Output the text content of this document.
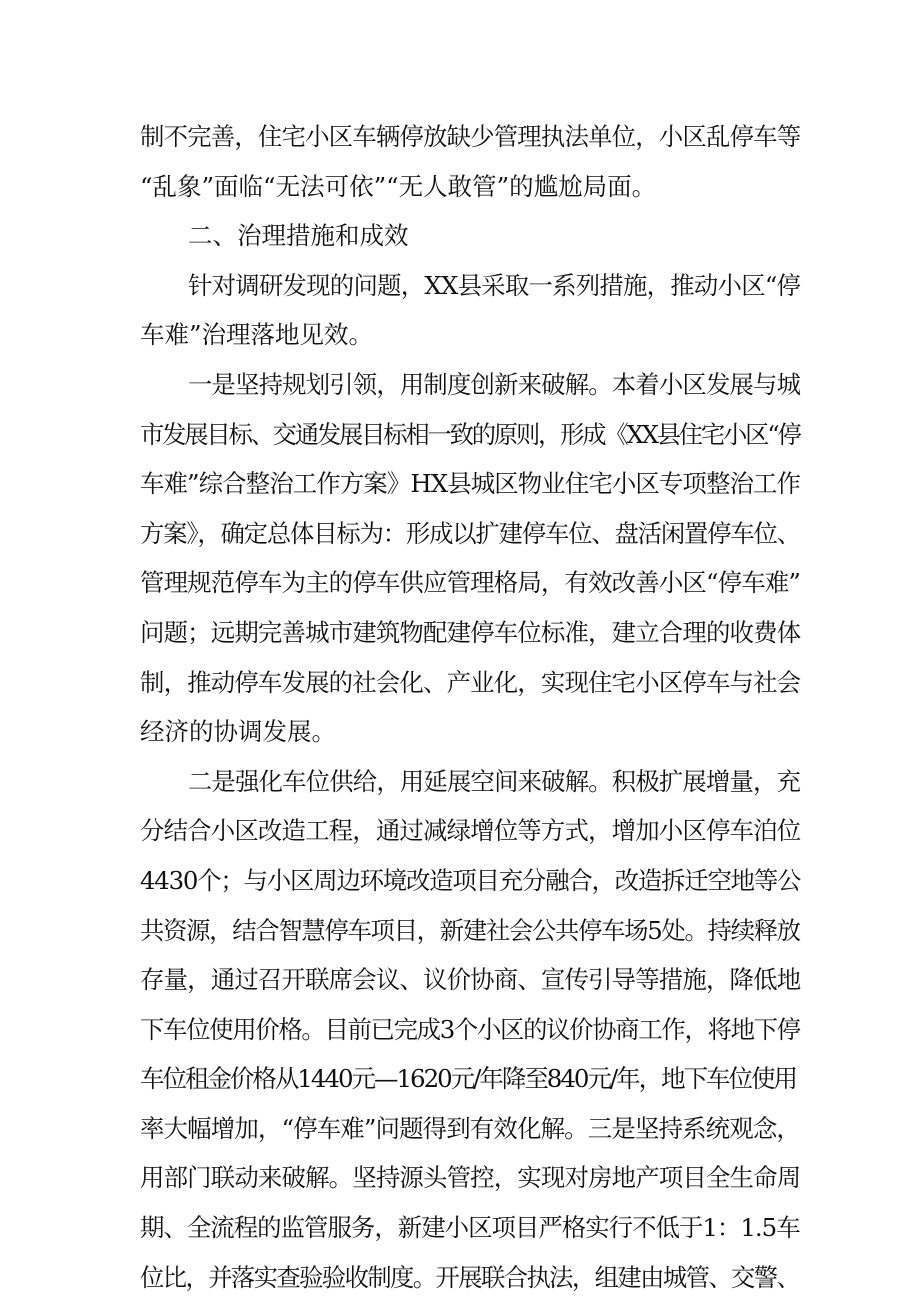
制不完善，住宅小区车辆停放缺少管理执法单位，小区乱停车等
“乱象”面临“无法可依”“无人敢管”的尴尬局面。
二、治理措施和成效
针对调研发现的问题，XX县采取一系列措施，推动小区“停
车难”治理落地见效。
一是坚持规划引领，用制度创新来破解。本着小区发展与城
市发展目标、交通发展目标相一致的原则，形成《XX县住宅小区“停
车难”综合整治工作方案》HX县城区物业住宅小区专项整治工作
方案》，确定总体目标为：形成以扩建停车位、盘活闲置停车位、
管理规范停车为主的停车供应管理格局，有效改善小区“停车难”
问题；远期完善城市建筑物配建停车位标准，建立合理的收费体
制，推动停车发展的社会化、产业化，实现住宅小区停车与社会
经济的协调发展。
二是强化车位供给，用延展空间来破解。积极扩展增量，充
分结合小区改造工程，通过减绿增位等方式，增加小区停车泊位
4430个；与小区周边环境改造项目充分融合，改造拆迁空地等公
共资源，结合智慧停车项目，新建社会公共停车场5处。持续释放
存量，通过召开联席会议、议价协商、宣传引导等措施，降低地
下车位使用价格。目前已完成3个小区的议价协商工作，将地下停
车位租金价格从1440元—1620元/年降至840元/年，地下车位使用
率大幅增加，“停车难”问题得到有效化解。三是坚持系统观念，
用部门联动来破解。坚持源头管控，实现对房地产项目全生命周
期、全流程的监管服务，新建小区项目严格实行不低于1：1.5车
位比，并落实查验验收制度。开展联合执法，组建由城管、交警、
